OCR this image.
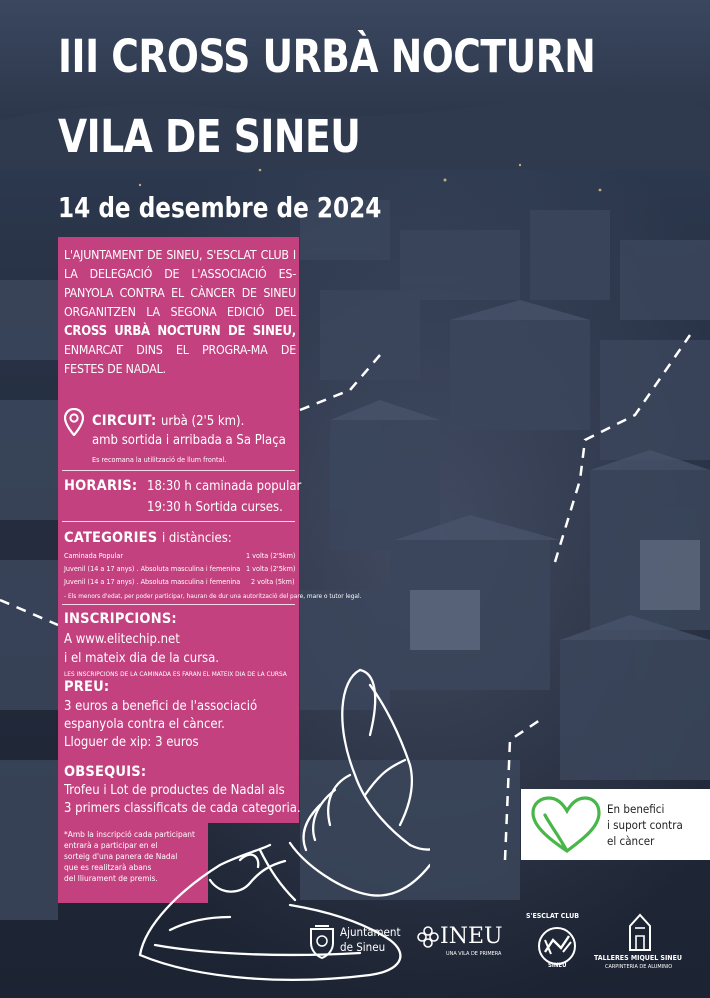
III CROSS URBÀ NOCTURN
VILA DE SINEU
14 de desembre de 2024
L'AJUNTAMENT DE SINEU, S'ESCLAT CLUB I LA DELEGACIÓ DE L'ASSOCIACIÓ ES-PANYOLA CONTRA EL CÀNCER DE SINEU ORGANITZEN LA SEGONA EDICIÓ DEL CROSS URBÀ NOCTURN DE SINEU, ENMARCAT DINS EL PROGRA-MA DE FESTES DE NADAL.
CIRCUIT: urbà (2'5 km).
amb sortida i arribada a Sa Plaça
Es recomana la utilització de llum frontal.
HORARIS: 18:30 h caminada popular
19:30 h Sortida curses.
CATEGORIES i distàncies:
Caminada Popular	1 volta (2'5km)
Juvenil (14 a 17 anys) . Absoluta masculina i femenina 1 volta (2'5km)
Juvenil (14 a 17 anys) . Absoluta masculina i femenina 2 volta (5km)
- Els menors d'edat, per poder participar, hauran de dur una autorització del pare, mare o tutor legal.
INSCRIPCIONS:
A www.elitechip.net
i el mateix dia de la cursa.
LES INSCRIPCIONS DE LA CAMINADA ES FARAN EL MATEIX DIA DE LA CURSA
PREU:
3 euros a benefici de l'associació
espanyola contra el càncer.
Lloguer de xip: 3 euros
OBSEQUIS:
Trofeu i Lot de productes de Nadal als
3 primers classificats de cada categoria.
*Amb la inscripció cada participant
entrarà a participar en el
sorteig d'una panera de Nadal
que es realitzarà abans
del lliurament de premis.
En benefici
i suport contra
el càncer
Ajuntament
de Sineu INEU
UNA VILA DE PRIMERA
S'ESCLAT CLUB
SINEU
TALLERES MIQUEL SINEU
CARPINTERIA DE ALUMINIO
